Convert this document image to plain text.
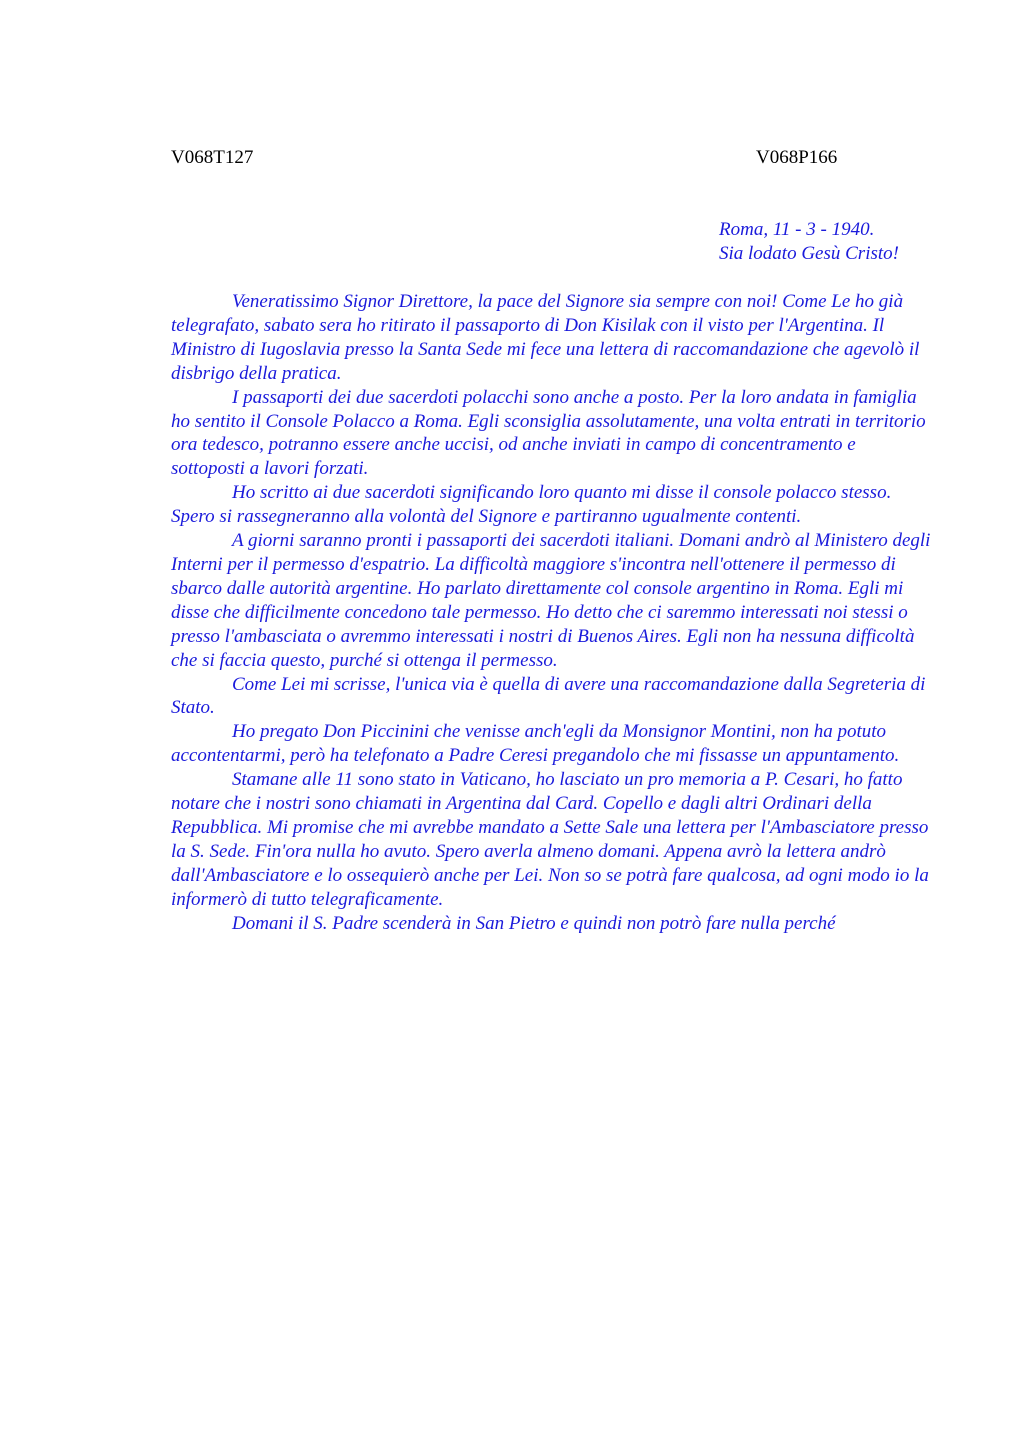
V068T127	V068P166
Roma, 11 - 3 - 1940.
Sia lodato Gesù Cristo!

Veneratissimo Signor Direttore, la pace del Signore sia sempre con noi! Come Le ho già telegrafato, sabato sera ho ritirato il passaporto di Don Kisilak con il visto per l'Argentina. Il Ministro di Iugoslavia presso la Santa Sede mi fece una lettera di raccomandazione che agevolò il disbrigo della pratica.

I passaporti dei due sacerdoti polacchi sono anche a posto. Per la loro andata in famiglia ho sentito il Console Polacco a Roma. Egli sconsiglia assolutamente, una volta entrati in territorio ora tedesco, potranno essere anche uccisi, od anche inviati in campo di concentramento e sottoposti a lavori forzati.

Ho scritto ai due sacerdoti significando loro quanto mi disse il console polacco stesso. Spero si rassegneranno alla volontà del Signore e partiranno ugualmente contenti.

A giorni saranno pronti i passaporti dei sacerdoti italiani. Domani andrò al Ministero degli Interni per il permesso d'espatrio. La difficoltà maggiore s'incontra nell'ottenere il permesso di sbarco dalle autorità argentine. Ho parlato direttamente col console argentino in Roma. Egli mi disse che difficilmente concedono tale permesso. Ho detto che ci saremmo interessati noi stessi o presso l'ambasciata o avremmo interessati i nostri di Buenos Aires. Egli non ha nessuna difficoltà che si faccia questo, purché si ottenga il permesso.

Come Lei mi scrisse, l'unica via è quella di avere una raccomandazione dalla Segreteria di Stato.

Ho pregato Don Piccinini che venisse anch'egli da Monsignor Montini, non ha potuto accontentarmi, però ha telefonato a Padre Ceresi pregandolo che mi fissasse un appuntamento.

Stamane alle 11 sono stato in Vaticano, ho lasciato un pro memoria a P. Cesari, ho fatto notare che i nostri sono chiamati in Argentina dal Card. Copello e dagli altri Ordinari della Repubblica. Mi promise che mi avrebbe mandato a Sette Sale una lettera per l'Ambasciatore presso la S. Sede. Fin'ora nulla ho avuto. Spero averla almeno domani. Appena avrò la lettera andrò dall'Ambasciatore e lo ossequierò anche per Lei. Non so se potrà fare qualcosa, ad ogni modo io la informerò di tutto telegraficamente.

Domani il S. Padre scenderà in San Pietro e quindi non potrò fare nulla perché
